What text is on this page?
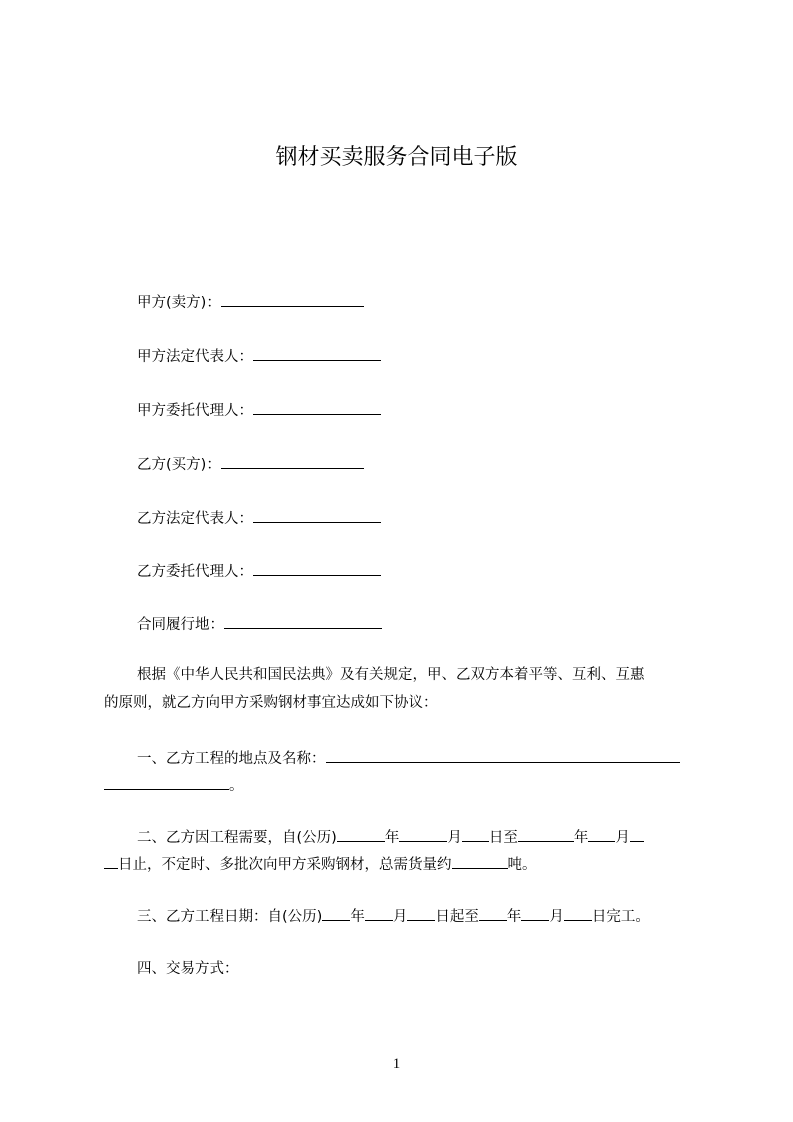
钢材买卖服务合同电子版
甲方(卖方)：
甲方法定代表人：
甲方委托代理人：
乙方(买方)：
乙方法定代表人：
乙方委托代理人：
合同履行地：
根据《中华人民共和国民法典》及有关规定，甲、乙双方本着平等、互利、互惠
的原则，就乙方向甲方采购钢材事宜达成如下协议：
一、乙方工程的地点及名称：
。
二、乙方因工程需要，自(公历)	年	月 日至	年 月
日止，不定时、多批次向甲方采购钢材，总需货量约	吨。
三、乙方工程日期：自(公历) 年 月 日起至 年 月 日完工。
四、交易方式：
1
